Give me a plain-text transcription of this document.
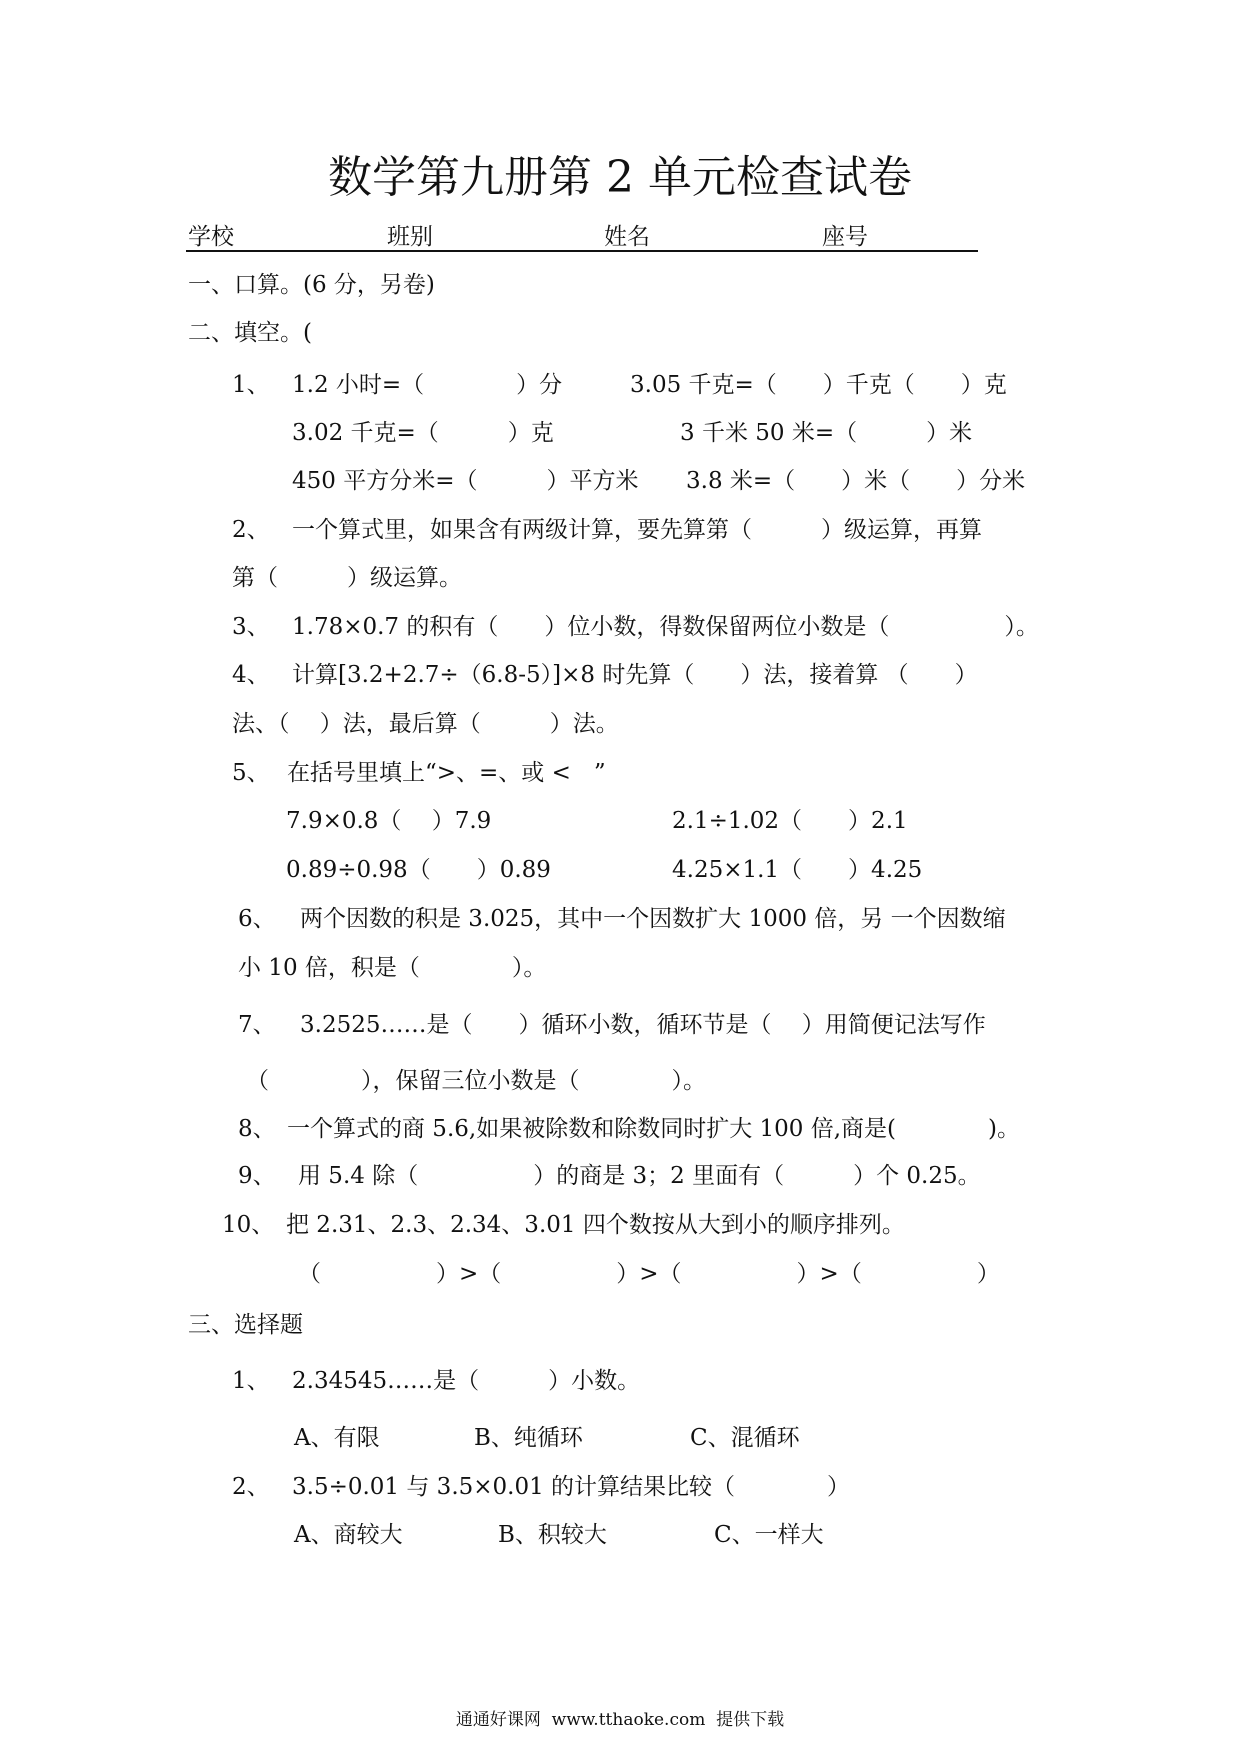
数学第九册第 2 单元检查试卷
学校	班别	姓名	座号
一、口算。(6 分，另卷)
二、填空。(
1、 1.2 小时=（　　　　）分	3.05 千克=（　　）千克（　　）克
3.02 千克=（　　　）克	3 千米 50 米=（　　　）米
450 平方分米=（　　　）平方米 3.8 米=（　　）米（　　）分米
2、 一个算式里，如果含有两级计算，要先算第（　　　）级运算，再算
第（　　　）级运算。
3、 1.78×0.7 的积有（　　）位小数，得数保留两位小数是（　　　　　）。
4、 计算[3.2+2.7÷（6.8-5）]×8 时先算（　　）法，接着算 （　　）
法、（　 ）法，最后算（　　　）法。
5、 在括号里填上“>、=、或 <　”
7.9×0.8（　 ）7.9	2.1÷1.02（　　）2.1
0.89÷0.98（　　）0.89	4.25×1.1（　　）4.25
6、 两个因数的积是 3.025，其中一个因数扩大 1000 倍，另 一个因数缩
小 10 倍，积是（　　　　）。
7、 3.2525……是（　　）循环小数，循环节是（　 ）用简便记法写作
（　　　　），保留三位小数是（　　　　）。
8、 一个算式的商 5.6,如果被除数和除数同时扩大 100 倍,商是(　　　　)。
9、 用 5.4 除（　　　　　）的商是 3；2 里面有（　　　）个 0.25。
10、 把 2.31、2.3、2.34、3.01 四个数按从大到小的顺序排列。
（　　　　　）>（　　　　　）>（　　　　　）>（　　　　　）
三、选择题
1、 2.34545……是（　　　）小数。
A、有限	B、纯循环	C、混循环
2、 3.5÷0.01 与 3.5×0.01 的计算结果比较（　　　　）
A、商较大	B、积较大	C、一样大
通通好课网  www.tthaoke.com  提供下载
